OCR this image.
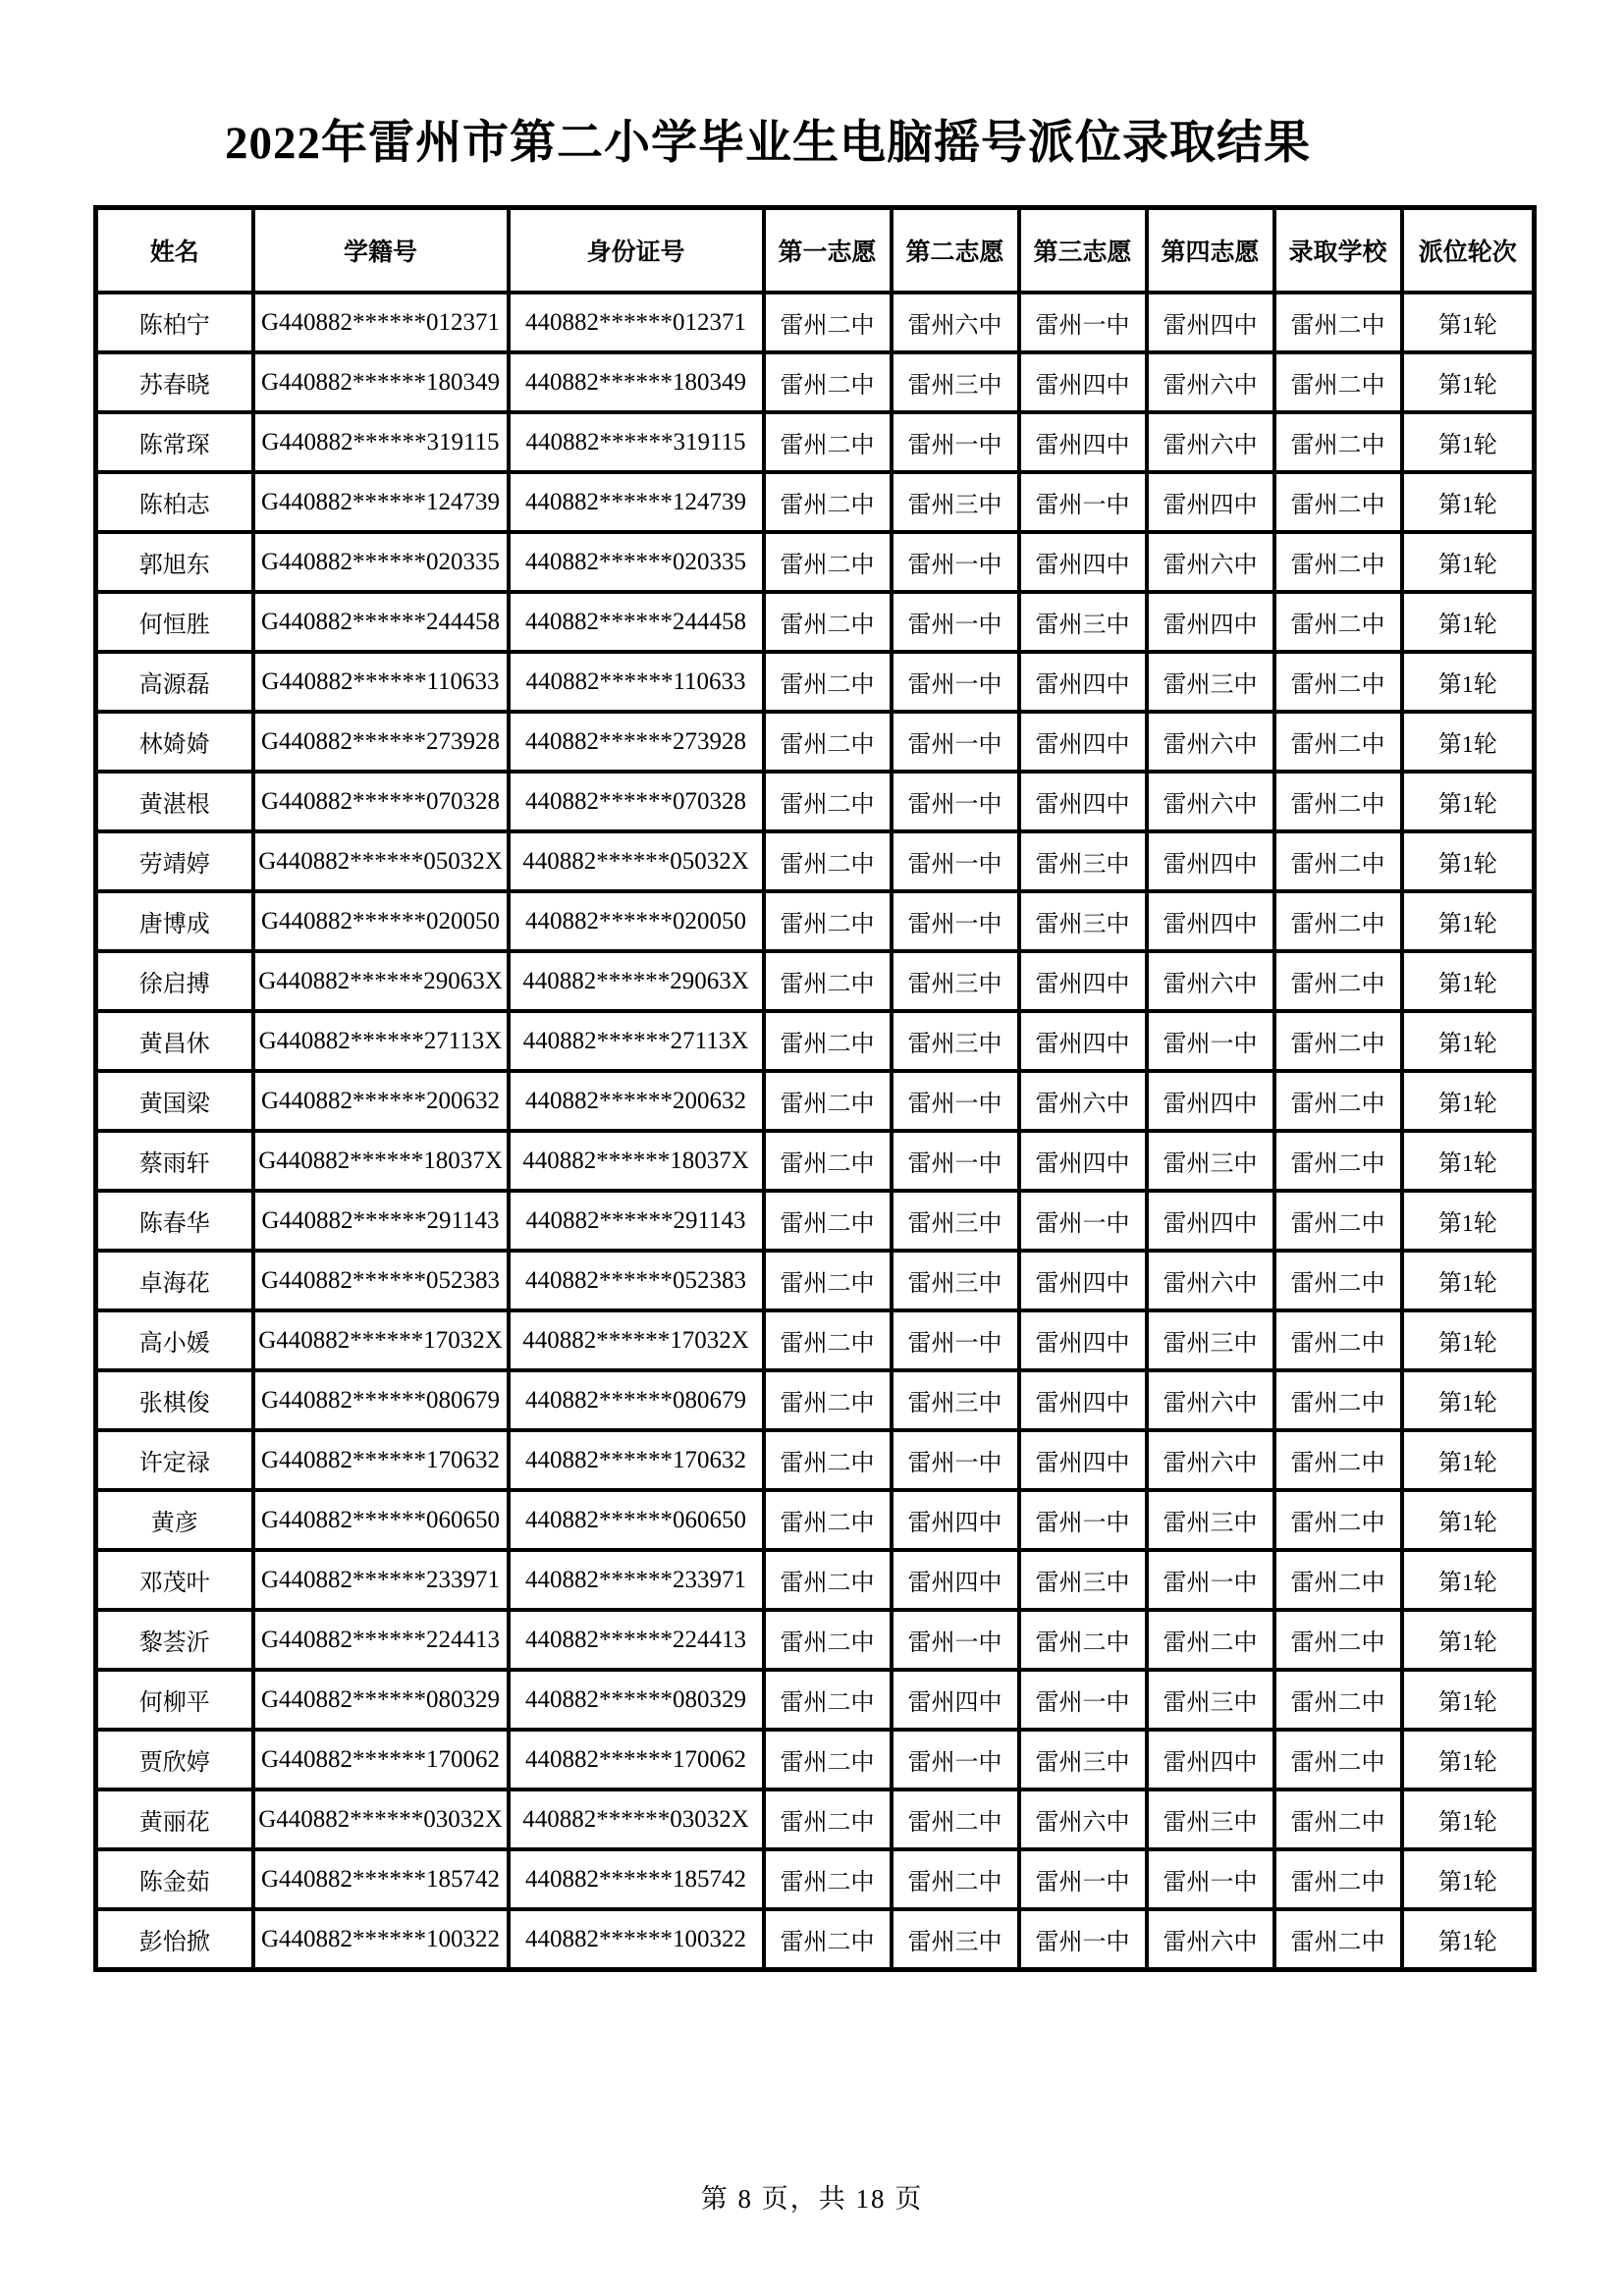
2022年雷州市第二小学毕业生电脑摇号派位录取结果
姓名	学籍号	身份证号	第一志愿	第二志愿	第三志愿	第四志愿	录取学校	派位轮次
陈柏宁	G440882******012371	440882******012371	雷州二中	雷州六中	雷州一中	雷州四中	雷州二中	第1轮
苏春晓	G440882******180349	440882******180349	雷州二中	雷州三中	雷州四中	雷州六中	雷州二中	第1轮
陈常琛	G440882******319115	440882******319115	雷州二中	雷州一中	雷州四中	雷州六中	雷州二中	第1轮
陈柏志	G440882******124739	440882******124739	雷州二中	雷州三中	雷州一中	雷州四中	雷州二中	第1轮
郭旭东	G440882******020335	440882******020335	雷州二中	雷州一中	雷州四中	雷州六中	雷州二中	第1轮
何恒胜	G440882******244458	440882******244458	雷州二中	雷州一中	雷州三中	雷州四中	雷州二中	第1轮
高源磊	G440882******110633	440882******110633	雷州二中	雷州一中	雷州四中	雷州三中	雷州二中	第1轮
林婍婍	G440882******273928	440882******273928	雷州二中	雷州一中	雷州四中	雷州六中	雷州二中	第1轮
黄湛根	G440882******070328	440882******070328	雷州二中	雷州一中	雷州四中	雷州六中	雷州二中	第1轮
劳靖婷	G440882******05032X	440882******05032X	雷州二中	雷州一中	雷州三中	雷州四中	雷州二中	第1轮
唐博成	G440882******020050	440882******020050	雷州二中	雷州一中	雷州三中	雷州四中	雷州二中	第1轮
徐启搏	G440882******29063X	440882******29063X	雷州二中	雷州三中	雷州四中	雷州六中	雷州二中	第1轮
黄昌休	G440882******27113X	440882******27113X	雷州二中	雷州三中	雷州四中	雷州一中	雷州二中	第1轮
黄国梁	G440882******200632	440882******200632	雷州二中	雷州一中	雷州六中	雷州四中	雷州二中	第1轮
蔡雨轩	G440882******18037X	440882******18037X	雷州二中	雷州一中	雷州四中	雷州三中	雷州二中	第1轮
陈春华	G440882******291143	440882******291143	雷州二中	雷州三中	雷州一中	雷州四中	雷州二中	第1轮
卓海花	G440882******052383	440882******052383	雷州二中	雷州三中	雷州四中	雷州六中	雷州二中	第1轮
高小媛	G440882******17032X	440882******17032X	雷州二中	雷州一中	雷州四中	雷州三中	雷州二中	第1轮
张棋俊	G440882******080679	440882******080679	雷州二中	雷州三中	雷州四中	雷州六中	雷州二中	第1轮
许定禄	G440882******170632	440882******170632	雷州二中	雷州一中	雷州四中	雷州六中	雷州二中	第1轮
黄彦	G440882******060650	440882******060650	雷州二中	雷州四中	雷州一中	雷州三中	雷州二中	第1轮
邓茂叶	G440882******233971	440882******233971	雷州二中	雷州四中	雷州三中	雷州一中	雷州二中	第1轮
黎荟沂	G440882******224413	440882******224413	雷州二中	雷州一中	雷州二中	雷州二中	雷州二中	第1轮
何柳平	G440882******080329	440882******080329	雷州二中	雷州四中	雷州一中	雷州三中	雷州二中	第1轮
贾欣婷	G440882******170062	440882******170062	雷州二中	雷州一中	雷州三中	雷州四中	雷州二中	第1轮
黄丽花	G440882******03032X	440882******03032X	雷州二中	雷州二中	雷州六中	雷州三中	雷州二中	第1轮
陈金茹	G440882******185742	440882******185742	雷州二中	雷州二中	雷州一中	雷州一中	雷州二中	第1轮
彭怡掀	G440882******100322	440882******100322	雷州二中	雷州三中	雷州一中	雷州六中	雷州二中	第1轮
第 8 页，共 18 页
